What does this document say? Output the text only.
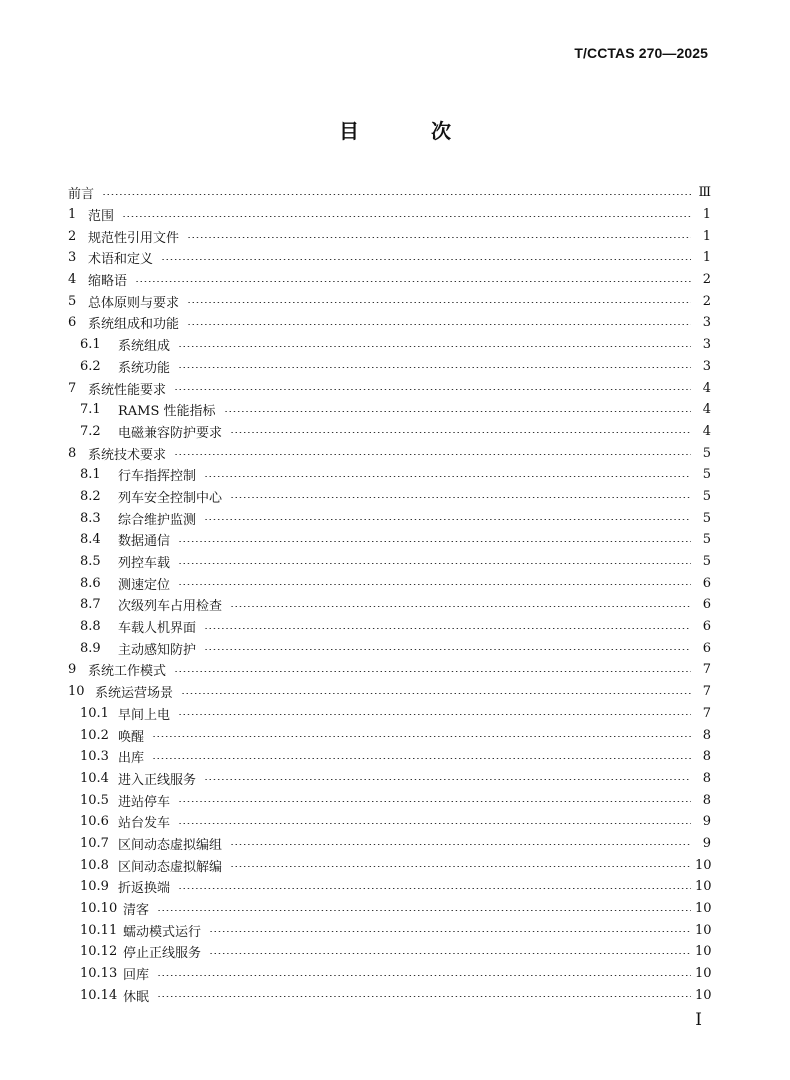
T/CCTAS 270—2025
目　次
前言	Ⅲ
1 范围	1
2 规范性引用文件	1
3 术语和定义	1
4 缩略语	2
5 总体原则与要求	2
6 系统组成和功能	3
6.1	系统组成	3
6.2	系统功能	3
7 系统性能要求	4
7.1	RAMS 性能指标	4
7.2	电磁兼容防护要求	4
8 系统技术要求	5
8.1	行车指挥控制	5
8.2	列车安全控制中心	5
8.3	综合维护监测	5
8.4	数据通信	5
8.5	列控车载	5
8.6	测速定位	6
8.7	次级列车占用检查	6
8.8	车载人机界面	6
8.9	主动感知防护	6
9 系统工作模式	7
10 系统运营场景	7
10.1 早间上电	7
10.2 唤醒	8
10.3 出库	8
10.4 进入正线服务	8
10.5 进站停车	8
10.6 站台发车	9
10.7 区间动态虚拟编组	9
10.8 区间动态虚拟解编	10
10.9 折返换端	10
10.10 清客	10
10.11 蠕动模式运行	10
10.12 停止正线服务	10
10.13 回库	10
10.14 休眠	10
I
